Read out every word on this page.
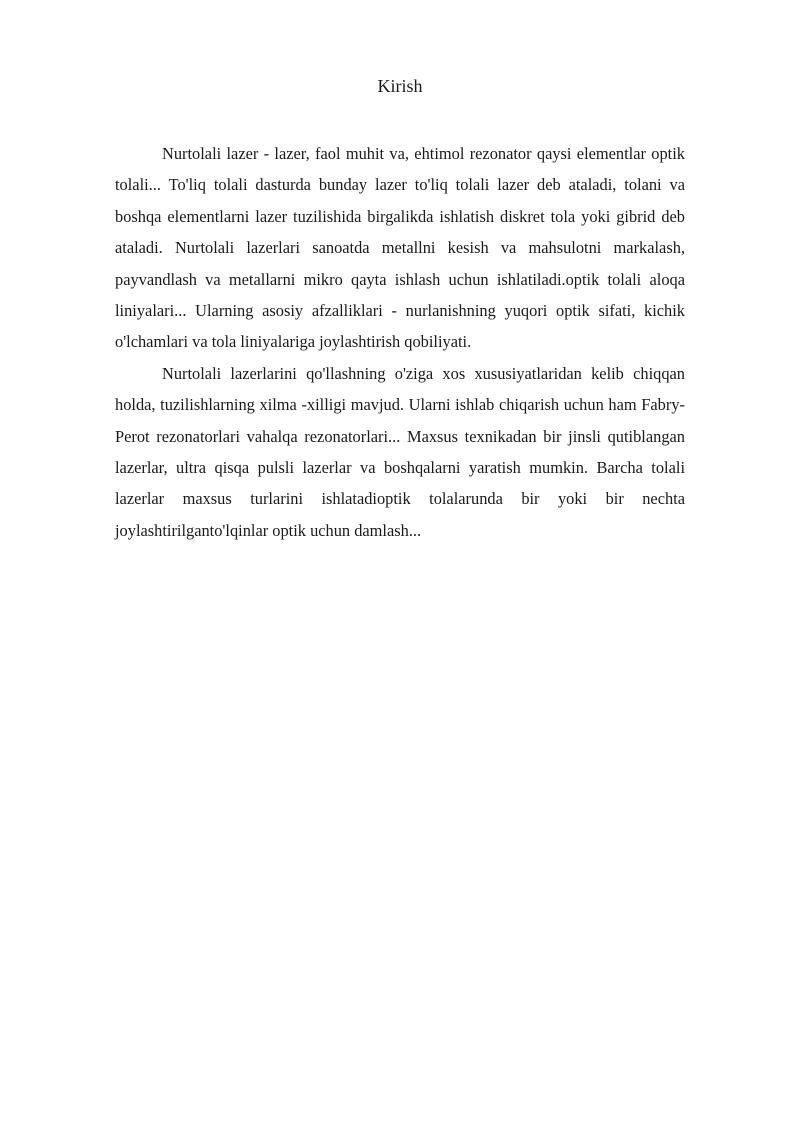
Kirish

Nurtolali lazer - lazer, faol muhit va, ehtimol rezonator qaysi elementlar optik tolali... To'liq tolali dasturda bunday lazer to'liq tolali lazer deb ataladi, tolani va boshqa elementlarni lazer tuzilishida birgalikda ishlatish diskret tola yoki gibrid deb ataladi. Nurtolali lazerlari sanoatda metallni kesish va mahsulotni markalash, payvandlash va metallarni mikro qayta ishlash uchun ishlatiladi.optik tolali aloqa liniyalari... Ularning asosiy afzalliklari - nurlanishning yuqori optik sifati, kichik o'lchamlari va tola liniyalariga joylashtirish qobiliyati.

Nurtolali lazerlarini qo'llashning o'ziga xos xususiyatlaridan kelib chiqqan holda, tuzilishlarning xilma -xilligi mavjud. Ularni ishlab chiqarish uchun ham Fabry-Perot rezonatorlari vahalqa rezonatorlari... Maxsus texnikadan bir jinsli qutiblangan lazerlar, ultra qisqa pulsli lazerlar va boshqalarni yaratish mumkin. Barcha tolali lazerlar maxsus turlarini ishlatadioptik tolalarunda bir yoki bir nechta joylashtirilganto'lqinlar optik uchun damlash...
